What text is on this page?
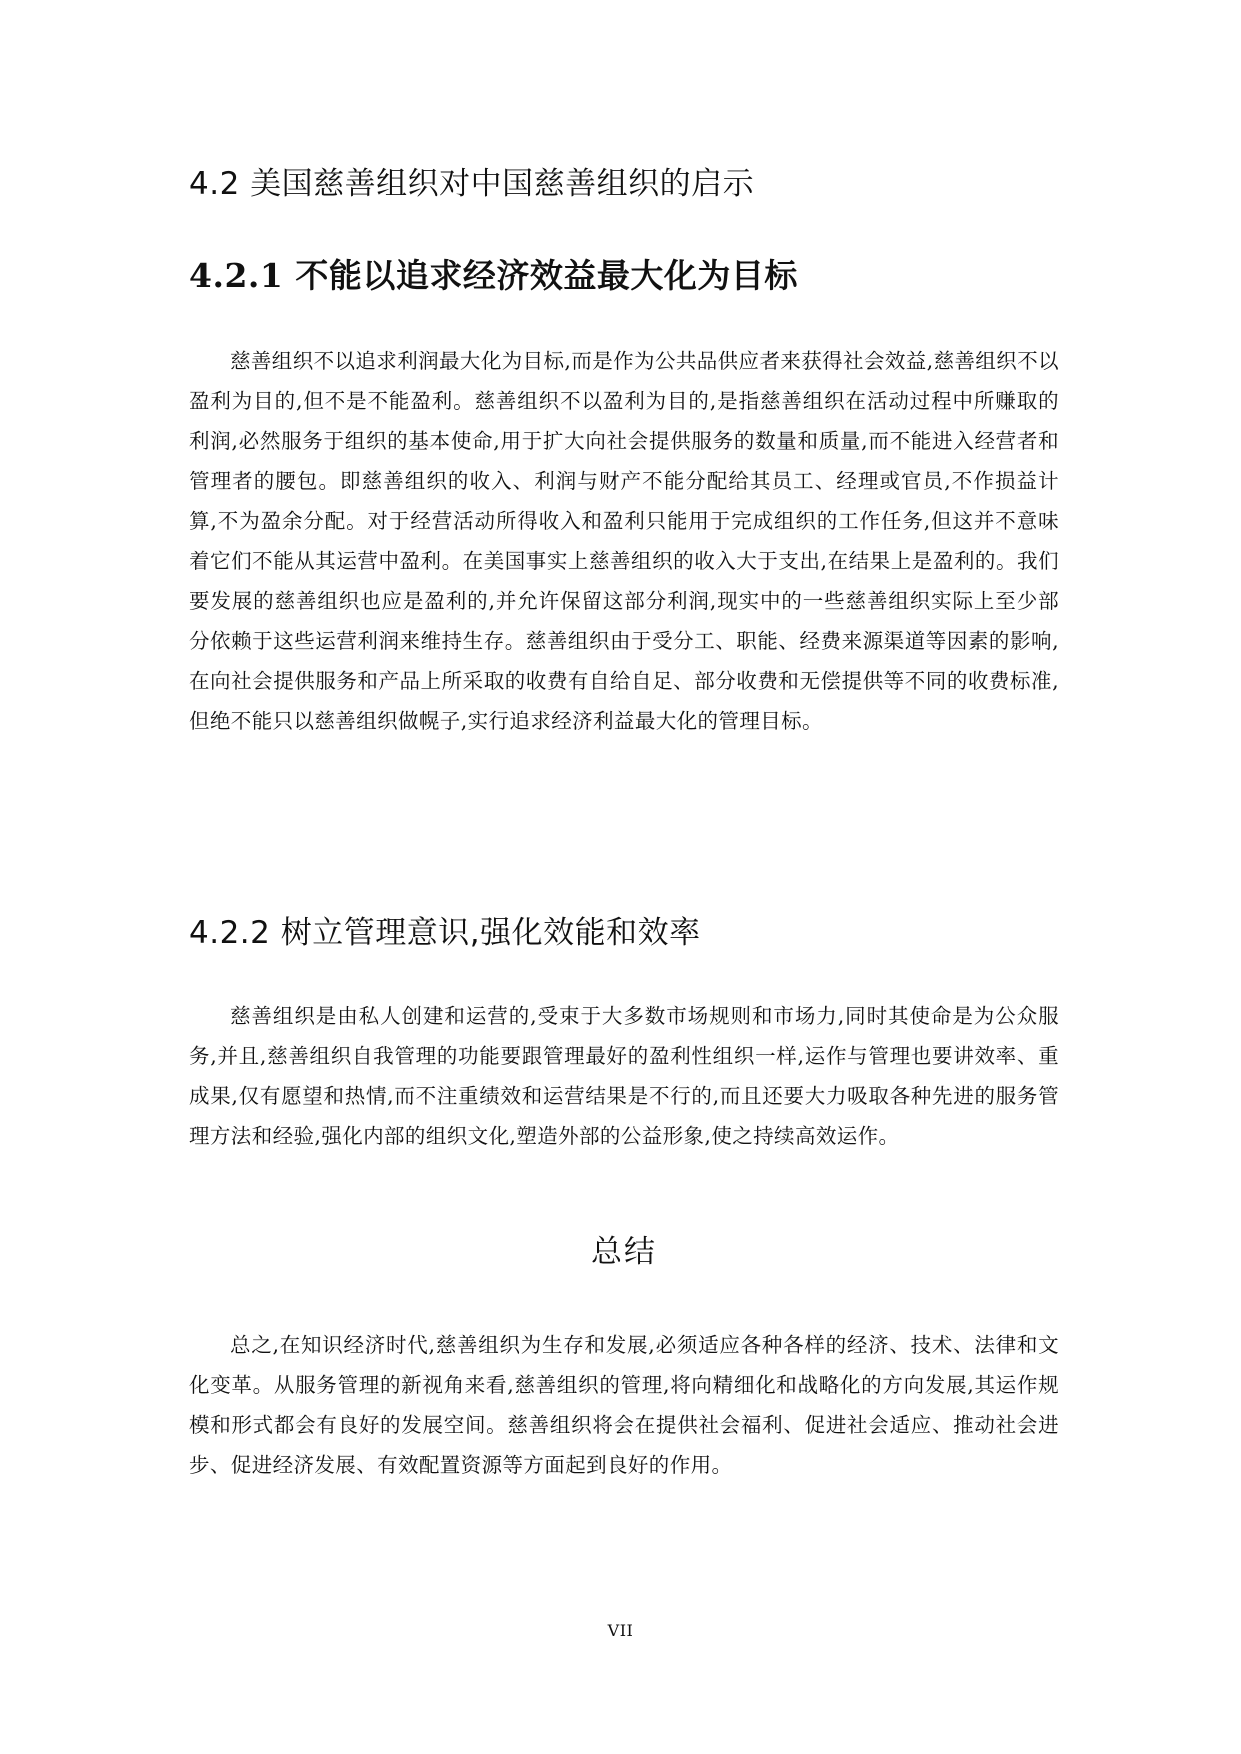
4.2 美国慈善组织对中国慈善组织的启示
4.2.1 不能以追求经济效益最大化为目标

慈善组织不以追求利润最大化为目标,而是作为公共品供应者来获得社会效益,慈善组织不以盈利为目的,但不是不能盈利。慈善组织不以盈利为目的,是指慈善组织在活动过程中所赚取的利润,必然服务于组织的基本使命,用于扩大向社会提供服务的数量和质量,而不能进入经营者和管理者的腰包。即慈善组织的收入、利润与财产不能分配给其员工、经理或官员,不作损益计算,不为盈余分配。对于经营活动所得收入和盈利只能用于完成组织的工作任务,但这并不意味着它们不能从其运营中盈利。在美国事实上慈善组织的收入大于支出,在结果上是盈利的。我们要发展的慈善组织也应是盈利的,并允许保留这部分利润,现实中的一些慈善组织实际上至少部分依赖于这些运营利润来维持生存。慈善组织由于受分工、职能、经费来源渠道等因素的影响,在向社会提供服务和产品上所采取的收费有自给自足、部分收费和无偿提供等不同的收费标准,但绝不能只以慈善组织做幌子,实行追求经济利益最大化的管理目标。

4.2.2 树立管理意识,强化效能和效率

慈善组织是由私人创建和运营的,受束于大多数市场规则和市场力,同时其使命是为公众服务,并且,慈善组织自我管理的功能要跟管理最好的盈利性组织一样,运作与管理也要讲效率、重成果,仅有愿望和热情,而不注重绩效和运营结果是不行的,而且还要大力吸取各种先进的服务管理方法和经验,强化内部的组织文化,塑造外部的公益形象,使之持续高效运作。

总结

总之,在知识经济时代,慈善组织为生存和发展,必须适应各种各样的经济、技术、法律和文化变革。从服务管理的新视角来看,慈善组织的管理,将向精细化和战略化的方向发展,其运作规模和形式都会有良好的发展空间。慈善组织将会在提供社会福利、促进社会适应、推动社会进步、促进经济发展、有效配置资源等方面起到良好的作用。

VII
